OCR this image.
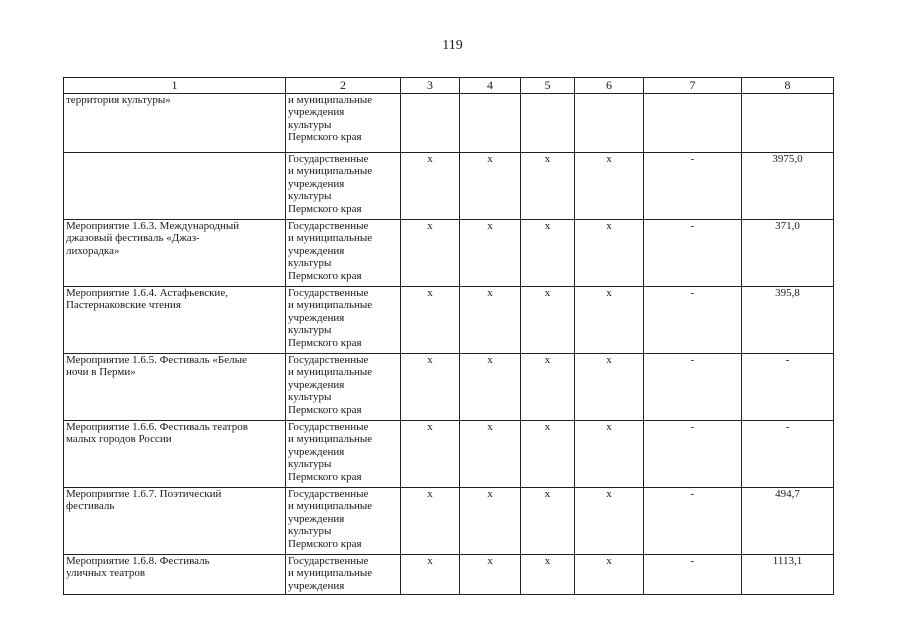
119
1	2	3	4	5	6	7	8

территория культуры»	и муниципальные
учреждения
культуры
Пермского края						

	Государственные
и муниципальные
учреждения
культуры
Пермского края	х	х	х	х	-	3975,0

Мероприятие 1.6.3. Международный
джазовый фестиваль «Джаз-
лихорадка»	Государственные
и муниципальные
учреждения
культуры
Пермского края	х	х	х	х	-	371,0

Мероприятие 1.6.4. Астафьевские,
Пастернаковские чтения	Государственные
и муниципальные
учреждения
культуры
Пермского края	х	х	х	х	-	395,8

Мероприятие 1.6.5. Фестиваль «Белые
ночи в Перми»	Государственные
и муниципальные
учреждения
культуры
Пермского края	х	х	х	х	-	-

Мероприятие 1.6.6. Фестиваль театров
малых городов России	Государственные
и муниципальные
учреждения
культуры
Пермского края	х	х	х	х	-	-

Мероприятие 1.6.7. Поэтический
фестиваль	Государственные
и муниципальные
учреждения
культуры
Пермского края	х	х	х	х	-	494,7

Мероприятие 1.6.8. Фестиваль
уличных театров	Государственные
и муниципальные
учреждения	х	х	х	х	-	1113,1
